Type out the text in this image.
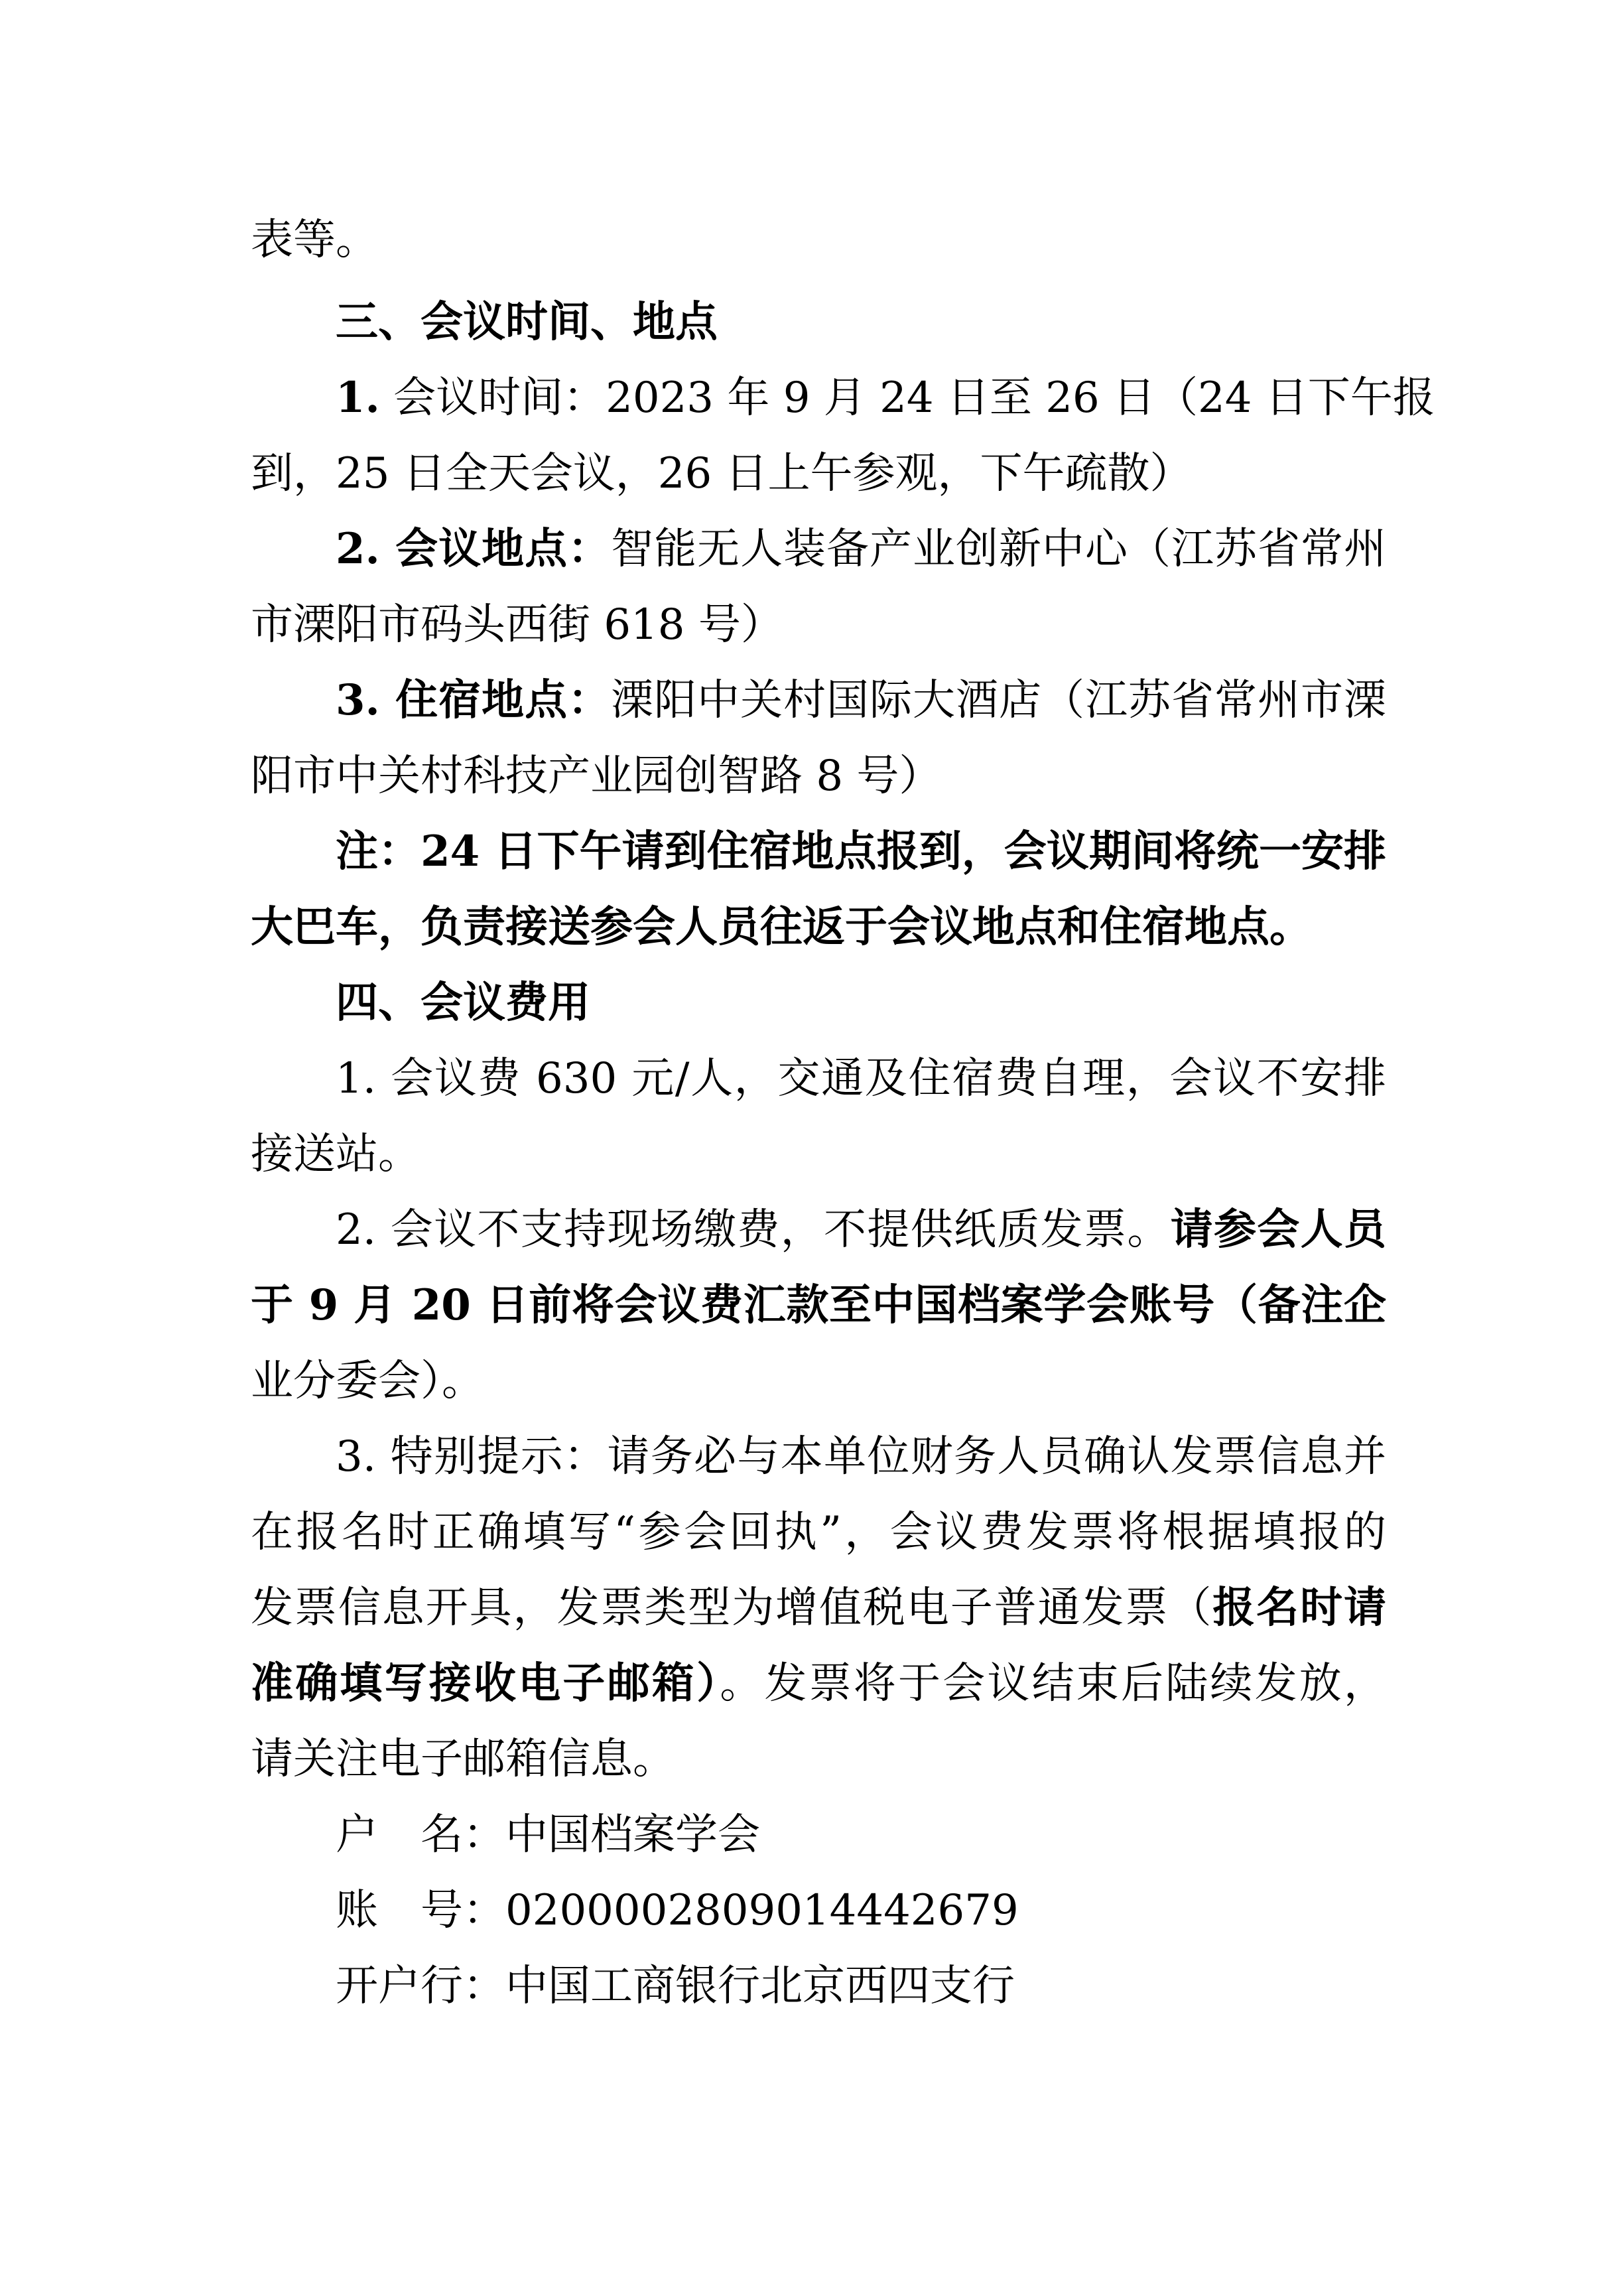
表等。
三、会议时间、地点
1. 会议时间：2023 年 9 月 24 日至 26 日（24 日下午报
到，25 日全天会议，26 日上午参观，下午疏散）
2. 会议地点：智能无人装备产业创新中心（江苏省常州
市溧阳市码头西街 618 号）
3. 住宿地点：溧阳中关村国际大酒店（江苏省常州市溧
阳市中关村科技产业园创智路 8 号）
注：24 日下午请到住宿地点报到，会议期间将统一安排
大巴车，负责接送参会人员往返于会议地点和住宿地点。
四、会议费用
1. 会议费 630 元/人，交通及住宿费自理，会议不安排
接送站。
2. 会议不支持现场缴费，不提供纸质发票。请参会人员
于 9 月 20 日前将会议费汇款至中国档案学会账号（备注企
业分委会）。
3. 特别提示：请务必与本单位财务人员确认发票信息并
在报名时正确填写“参会回执”，会议费发票将根据填报的
发票信息开具，发票类型为增值税电子普通发票（报名时请
准确填写接收电子邮箱）。发票将于会议结束后陆续发放，
请关注电子邮箱信息。
户　名：中国档案学会
账　号：0200002809014442679
开户行：中国工商银行北京西四支行
